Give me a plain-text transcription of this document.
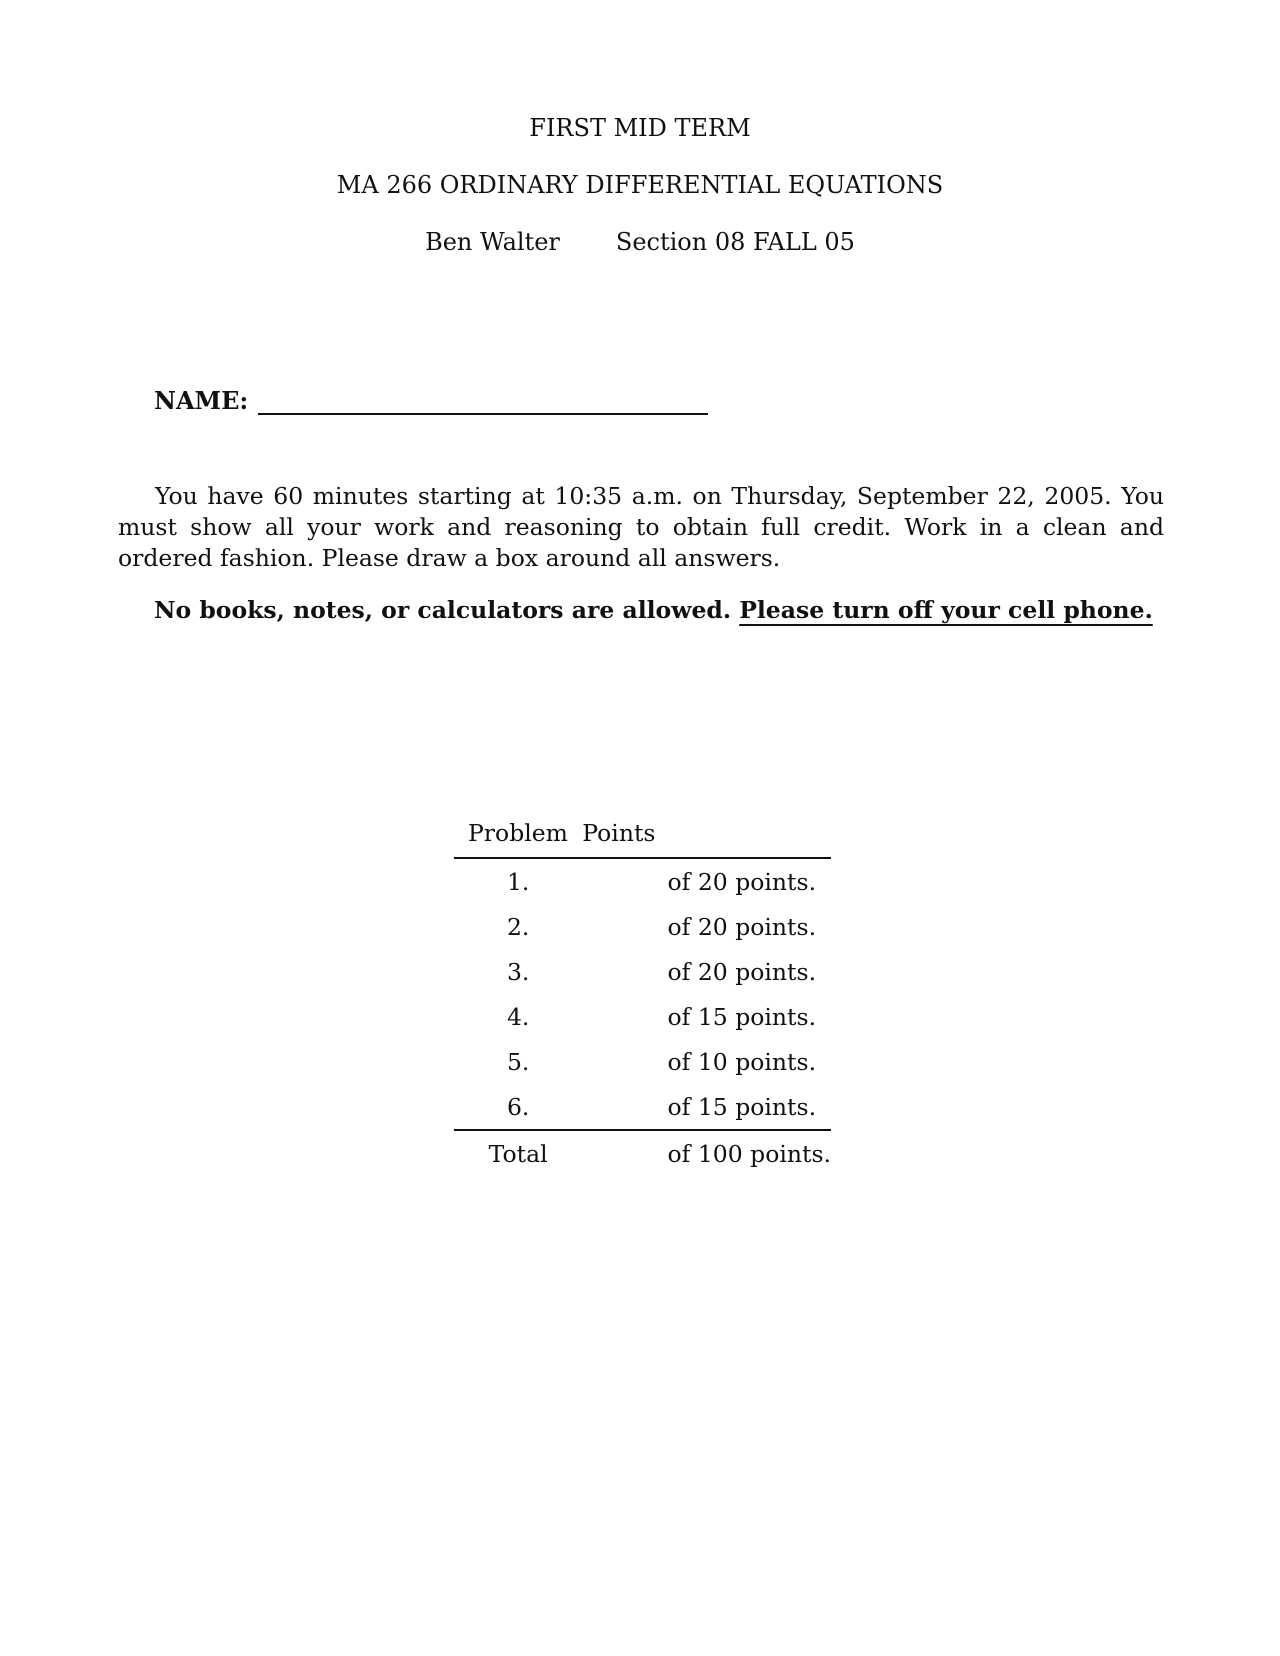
FIRST MID TERM
MA 266 ORDINARY DIFFERENTIAL EQUATIONS
Ben Walter Section 08 FALL 05
NAME:

You have 60 minutes starting at 10:35 a.m. on Thursday, September 22, 2005. You must show all your work and reasoning to obtain full credit. Work in a clean and ordered fashion. Please draw a box around all answers.

No books, notes, or calculators are allowed. Please turn off your cell phone.
Problem	Points	
1.		of 20 points.
2.		of 20 points.
3.		of 20 points.
4.		of 15 points.
5.		of 10 points.
6.		of 15 points.
Total		of 100 points.
